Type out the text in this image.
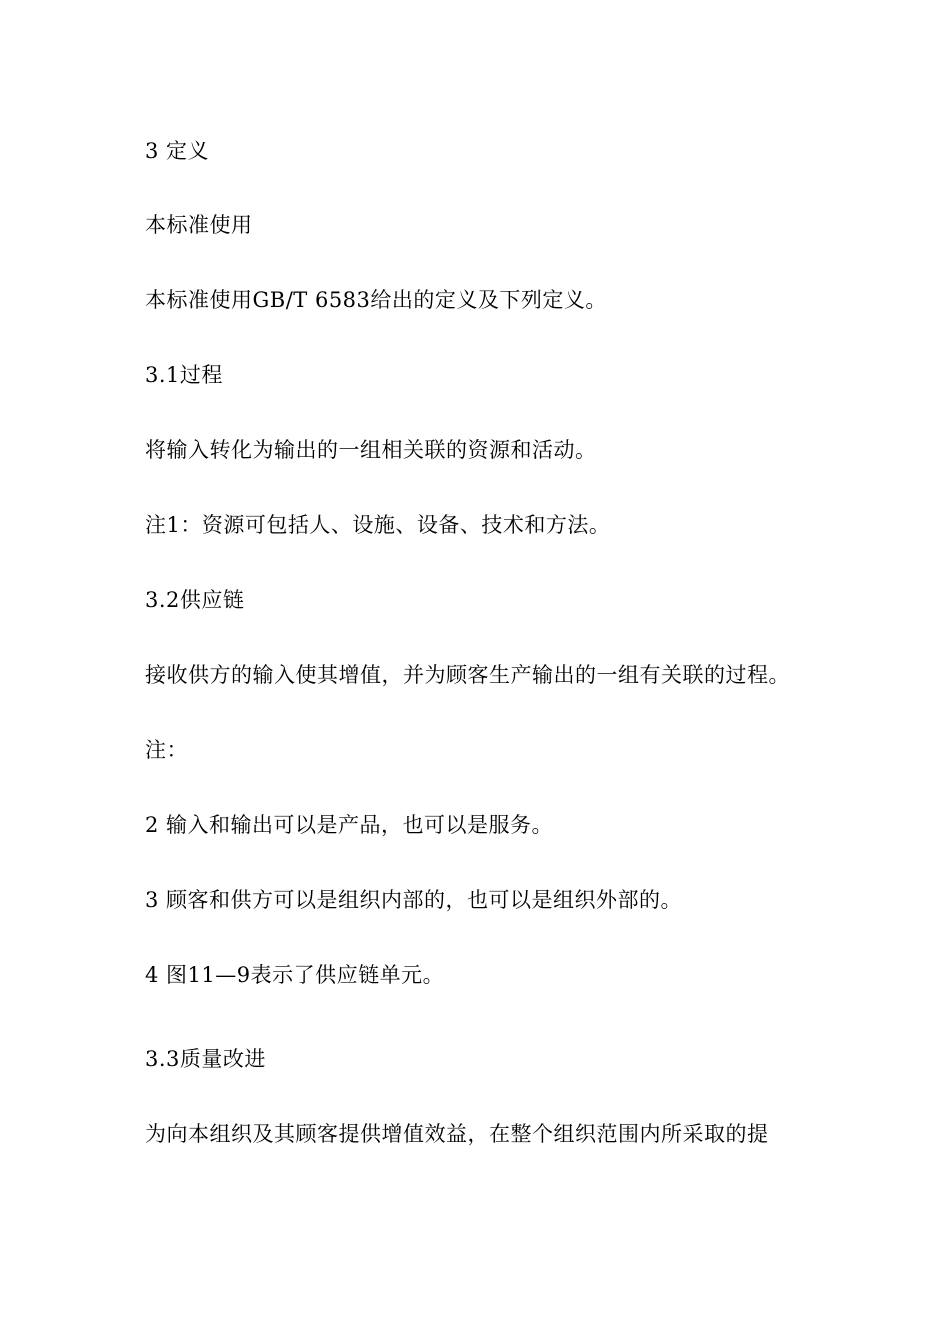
3 定义
本标准使用
本标准使用GB/T 6583给出的定义及下列定义。
3.1过程
将输入转化为输出的一组相关联的资源和活动。
注1：资源可包括人、设施、设备、技术和方法。
3.2供应链
接收供方的输入使其增值，并为顾客生产输出的一组有关联的过程。
注：
2 输入和输出可以是产品，也可以是服务。
3 顾客和供方可以是组织内部的，也可以是组织外部的。
4 图11—9表示了供应链单元。
3.3质量改进
为向本组织及其顾客提供增值效益，在整个组织范围内所采取的提
